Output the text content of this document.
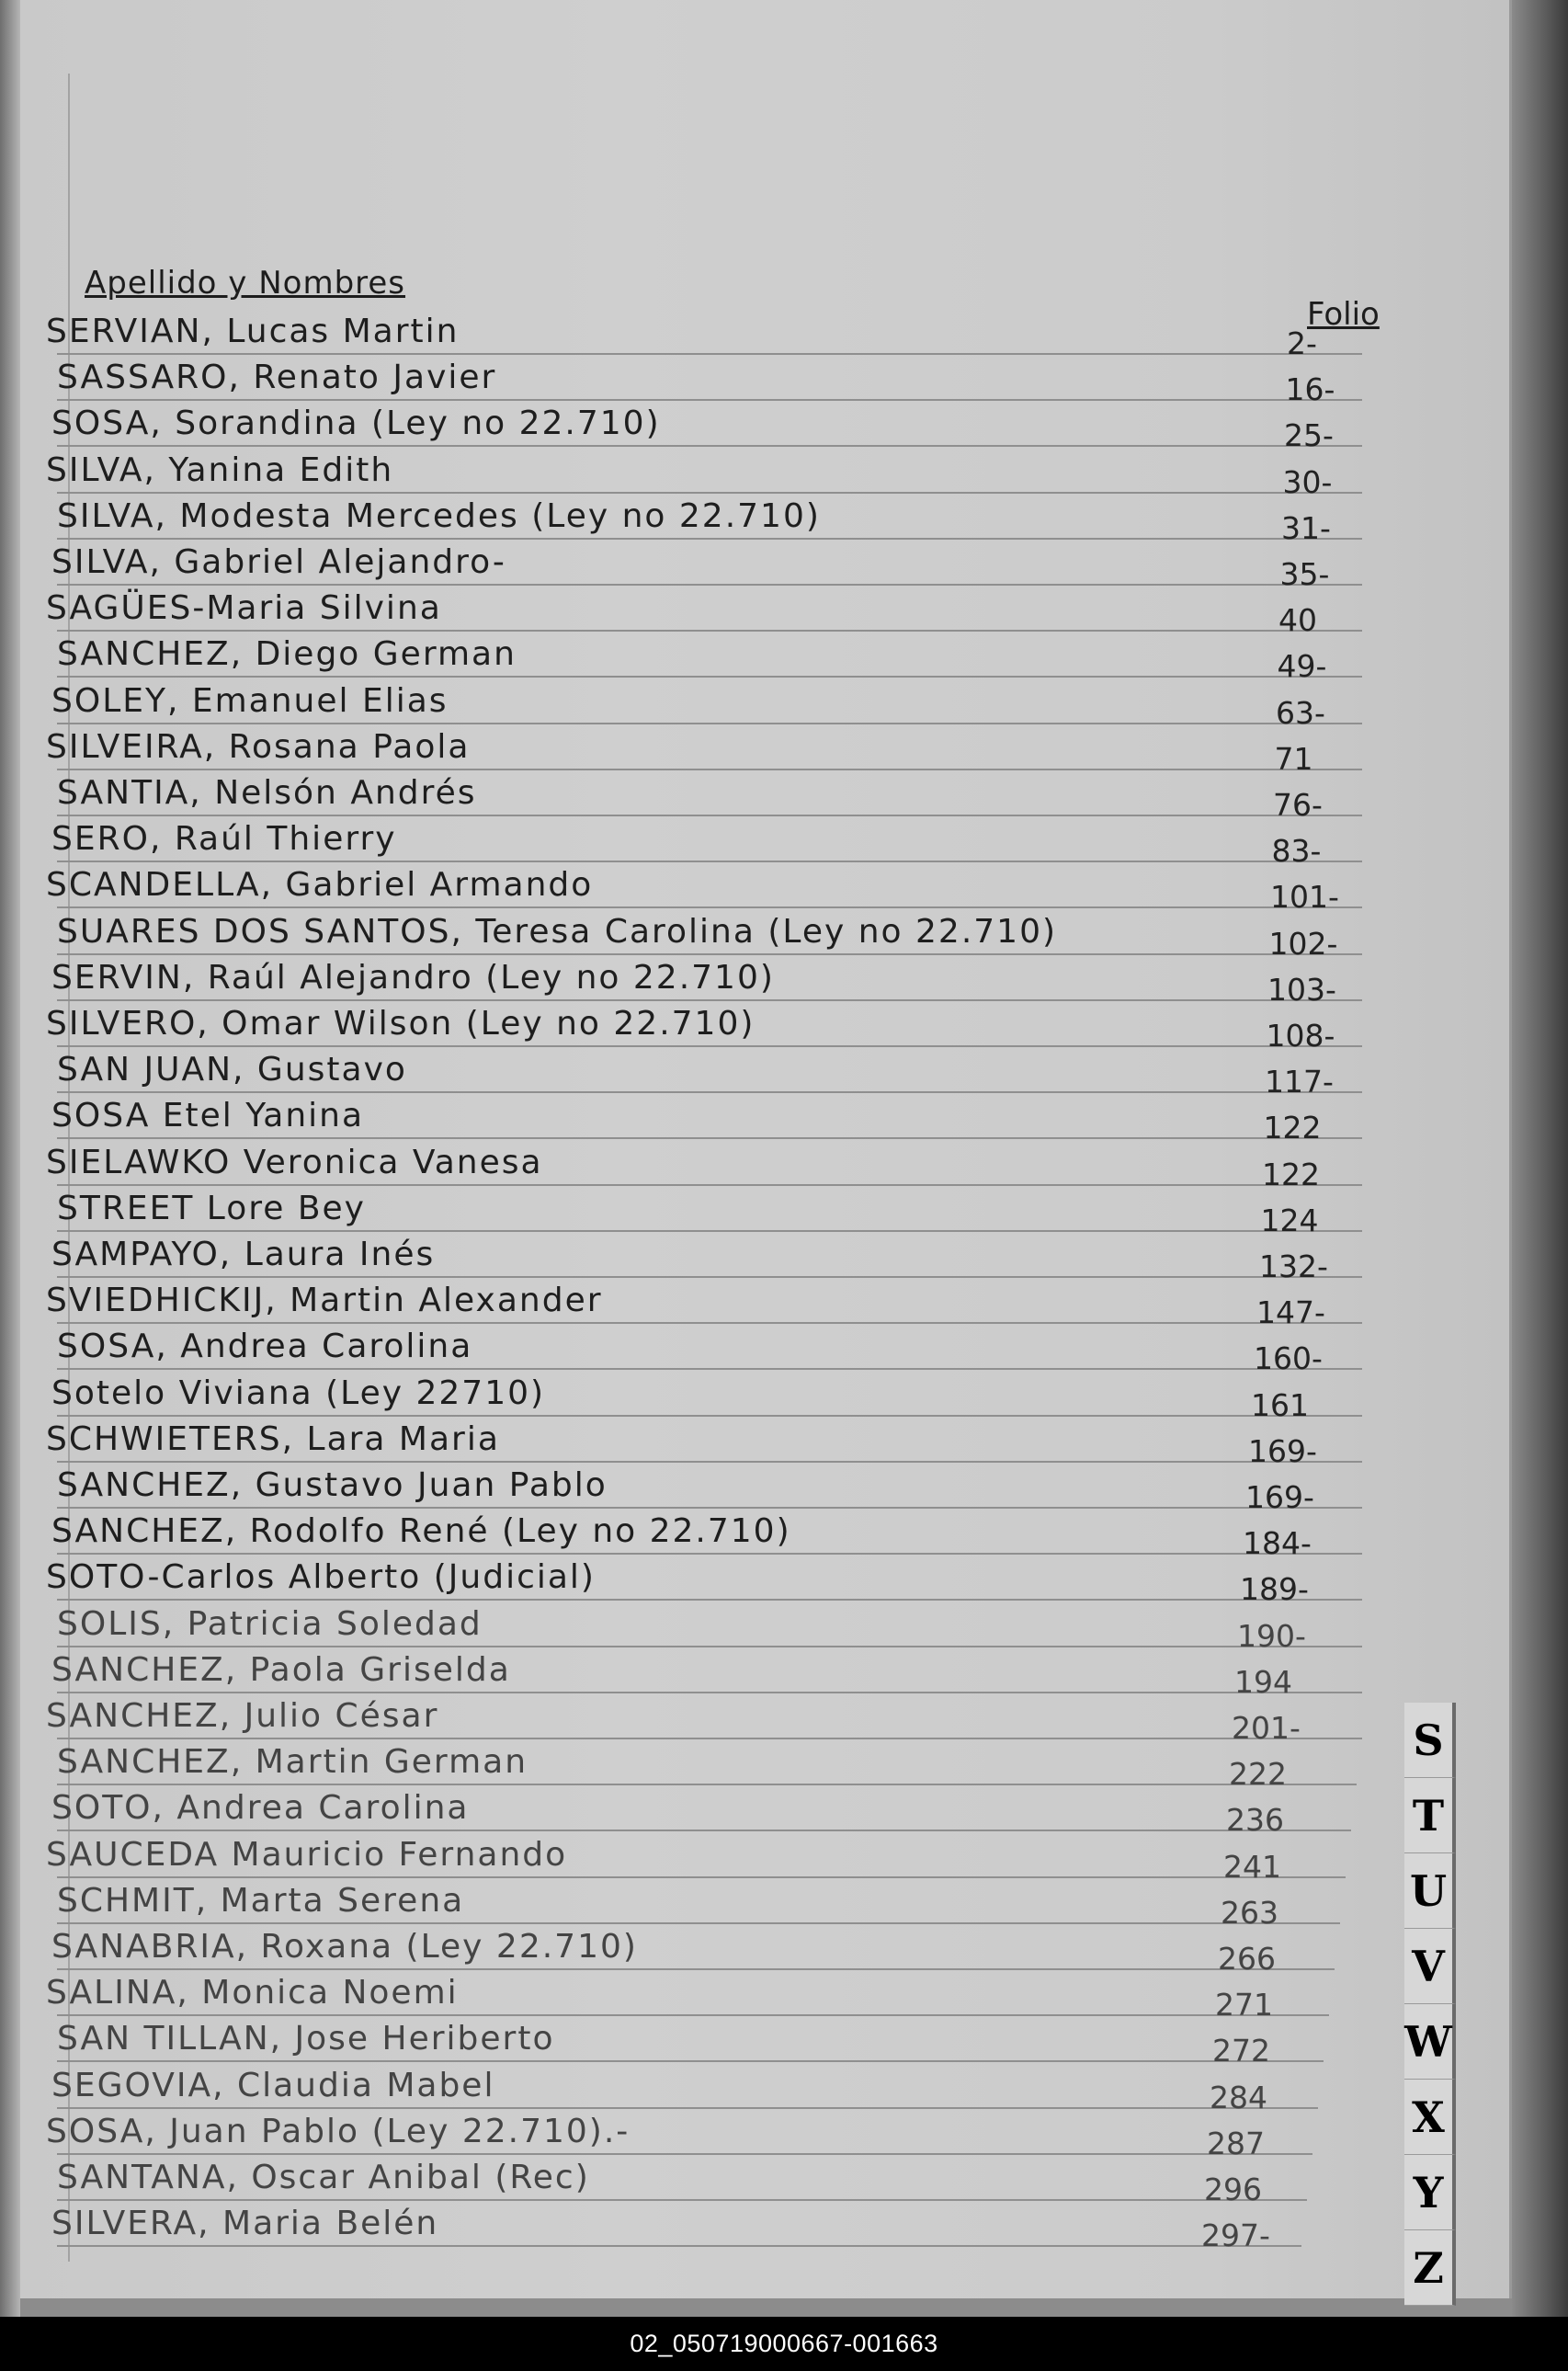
Apellido y Nombres
Folio
SERVIAN, Lucas Martin	2-
SASSARO, Renato Javier	16-
SOSA, Sorandina (Ley no 22.710)	25-
SILVA, Yanina Edith	30-
SILVA, Modesta Mercedes (Ley no 22.710)	31-
SILVA, Gabriel Alejandro-	35-
SAGÜES-Maria Silvina	40
SANCHEZ, Diego German	49-
SOLEY, Emanuel Elias	63-
SILVEIRA, Rosana Paola	71
SANTIA, Nelsón Andrés	76-
SERO, Raúl Thierry	83-
SCANDELLA, Gabriel Armando	101-
SUARES DOS SANTOS, Teresa Carolina (Ley no 22.710)	102-
SERVIN, Raúl Alejandro (Ley no 22.710)	103-
SILVERO, Omar Wilson (Ley no 22.710)	108-
SAN JUAN, Gustavo	117-
SOSA Etel Yanina	122
SIELAWKO Veronica Vanesa	122
STREET Lore Bey	124
SAMPAYO, Laura Inés	132-
SVIEDHICKIJ, Martin Alexander	147-
SOSA, Andrea Carolina	160-
Sotelo Viviana (Ley 22710)	161
SCHWIETERS, Lara Maria	169-
SANCHEZ, Gustavo Juan Pablo	169-
SANCHEZ, Rodolfo René (Ley no 22.710)	184-
SOTO-Carlos Alberto (Judicial)	189-
SOLIS, Patricia Soledad	190-
SANCHEZ, Paola Griselda	194
SANCHEZ, Julio César	201-
SANCHEZ, Martin German	222
SOTO, Andrea Carolina	236
SAUCEDA Mauricio Fernando	241
SCHMIT, Marta Serena	263
SANABRIA, Roxana (Ley 22.710)	266
SALINA, Monica Noemi	271
SAN TILLAN, Jose Heriberto	272
SEGOVIA, Claudia Mabel	284
SOSA, Juan Pablo (Ley 22.710).-	287
SANTANA, Oscar Anibal (Rec)	296
SILVERA, Maria Belén	297-
S
T
U
V
W
X
Y
Z
02_050719000667-001663
